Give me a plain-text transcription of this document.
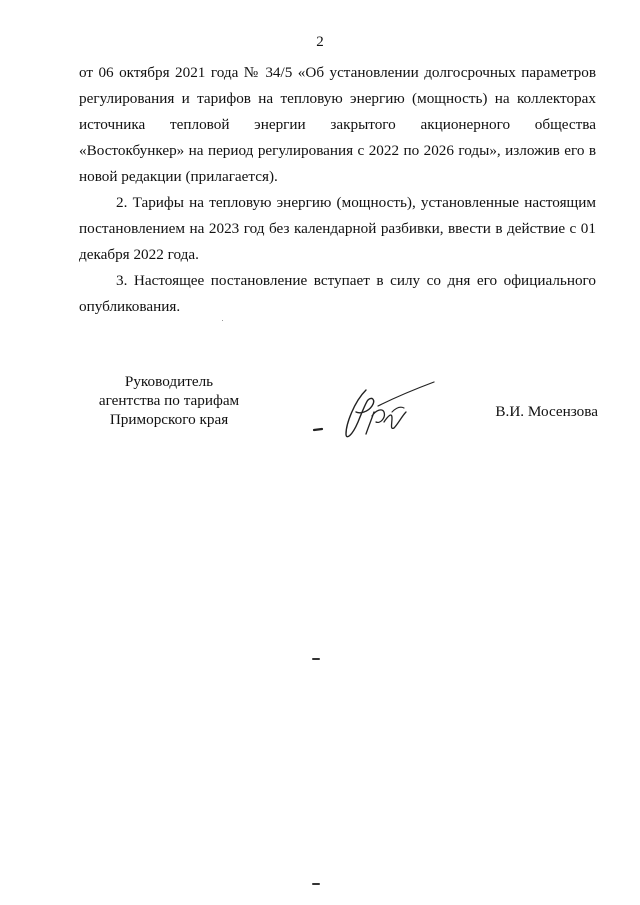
2

от 06 октября 2021 года № 34/5 «Об установлении долгосрочных параметров регулирования и тарифов на тепловую энергию (мощность) на коллекторах источника тепловой энергии закрытого акционерного общества «Востокбункер» на период регулирования с 2022 по 2026 годы», изложив его в новой редакции (прилагается).

2. Тарифы на тепловую энергию (мощность), установленные настоящим постановлением на 2023 год без календарной разбивки, ввести в действие с 01 декабря 2022 года.

3. Настоящее постановление вступает в силу со дня его официального опубликования.

Руководитель
агентства по тарифам
Приморского края	В.И. Мосензова
